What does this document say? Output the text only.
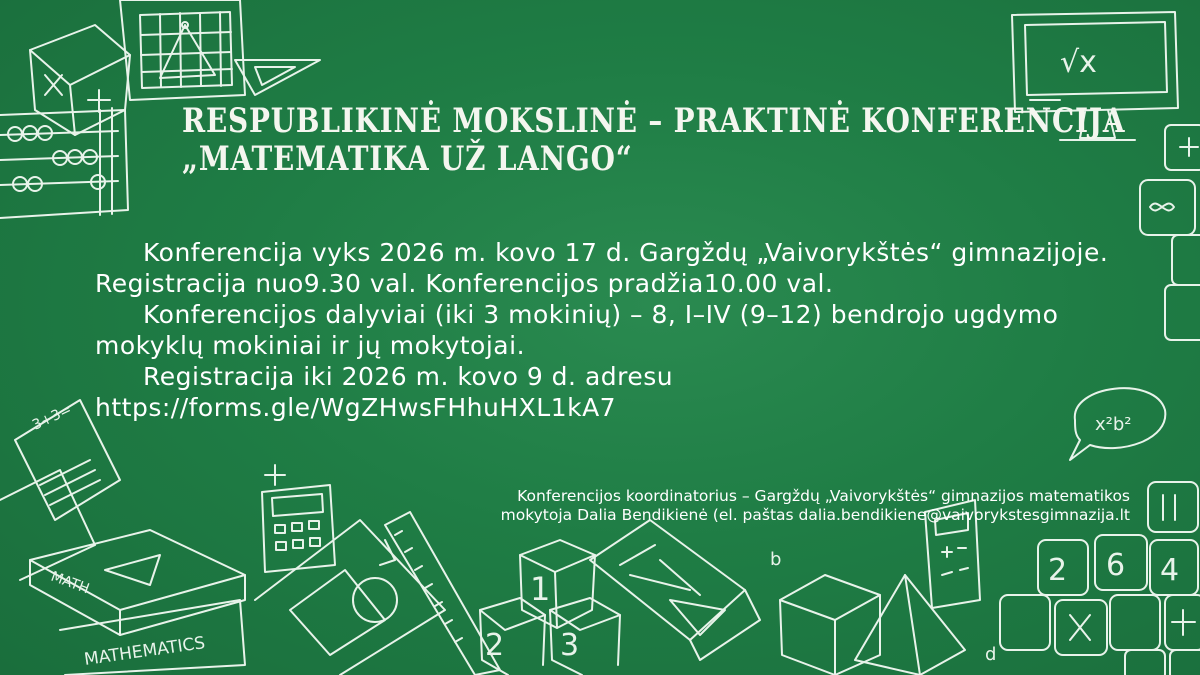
√x
x²b²
3+3=
MATH
MATHEMATICS
1
2 3
b
d
2 6 4
RESPUBLIKINĖ MOKSLINĖ – PRAKTINĖ KONFERENCIJA
„MATEMATIKA UŽ LANGO“

Konferencija vyks 2026 m. kovo 17 d. Gargždų „Vaivorykštės“ gimnazijoje. Registracija nuo9.30 val. Konferencijos pradžia10.00 val.

Konferencijos dalyviai (iki 3 mokinių) – 8, I–IV (9–12) bendrojo ugdymo mokyklų mokiniai ir jų mokytojai.

Registracija iki 2026 m. kovo 9 d. adresu https://forms.gle/WgZHwsFHhuHXL1kA7

Konferencijos koordinatorius – Gargždų „Vaivorykštės“ gimnazijos matematikos
mokytoja Dalia Bendikienė (el. paštas dalia.bendikiene@vaivorykstesgimnazija.lt
